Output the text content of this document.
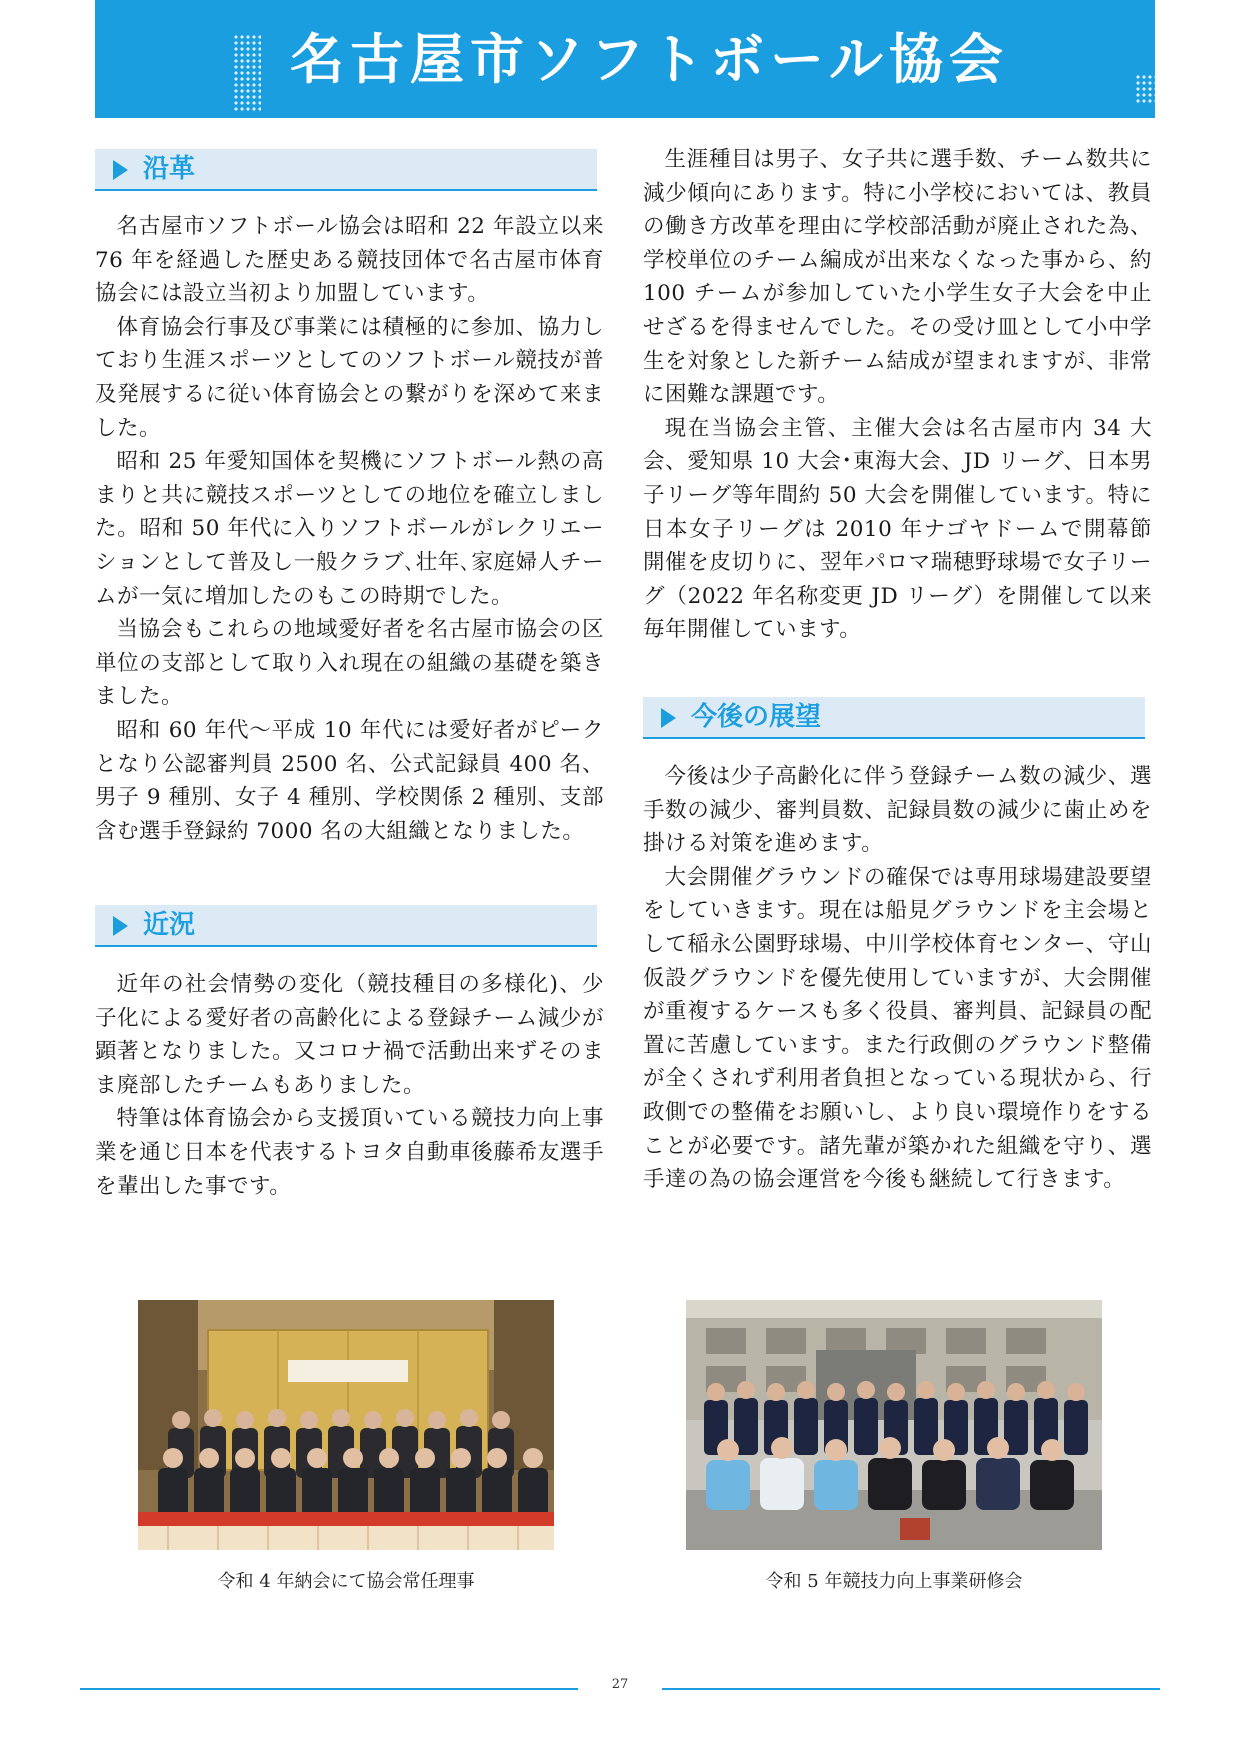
名古屋市ソフトボール協会
沿革

名古屋市ソフトボール協会は昭和 22 年設立以来 76 年を経過した歴史ある競技団体で名古屋市体育協会には設立当初より加盟しています。

体育協会行事及び事業には積極的に参加、協力しており生涯スポーツとしてのソフトボール競技が普及発展するに従い体育協会との繋がりを深めて来ました。

昭和 25 年愛知国体を契機にソフトボール熱の高まりと共に競技スポーツとしての地位を確立しました。昭和 50 年代に入りソフトボールがレクリエーションとして普及し一般クラブ､壮年､家庭婦人チームが一気に増加したのもこの時期でした。

当協会もこれらの地域愛好者を名古屋市協会の区単位の支部として取り入れ現在の組織の基礎を築きました。

昭和 60 年代〜平成 10 年代には愛好者がピークとなり公認審判員 2500 名、公式記録員 400 名、男子 9 種別、女子 4 種別、学校関係 2 種別、支部含む選手登録約 7000 名の大組織となりました。

近況

近年の社会情勢の変化（競技種目の多様化)、少子化による愛好者の高齢化による登録チーム減少が顕著となりました。又コロナ禍で活動出来ずそのまま廃部したチームもありました。

特筆は体育協会から支援頂いている競技力向上事業を通じ日本を代表するトヨタ自動車後藤希友選手を輩出した事です。

生涯種目は男子、女子共に選手数、チーム数共に減少傾向にあります。特に小学校においては、教員の働き方改革を理由に学校部活動が廃止された為、学校単位のチーム編成が出来なくなった事から、約 100 チームが参加していた小学生女子大会を中止せざるを得ませんでした。その受け皿として小中学生を対象とした新チーム結成が望まれますが、非常に困難な課題です。

現在当協会主管、主催大会は名古屋市内 34 大会、愛知県 10 大会･東海大会、JD リーグ、日本男子リーグ等年間約 50 大会を開催しています。特に日本女子リーグは 2010 年ナゴヤドームで開幕節開催を皮切りに、翌年パロマ瑞穂野球場で女子リーグ（2022 年名称変更 JD リーグ）を開催して以来毎年開催しています。

今後の展望

今後は少子高齢化に伴う登録チーム数の減少、選手数の減少、審判員数、記録員数の減少に歯止めを掛ける対策を進めます。

大会開催グラウンドの確保では専用球場建設要望をしていきます。現在は船見グラウンドを主会場として稲永公園野球場、中川学校体育センター、守山仮設グラウンドを優先使用していますが、大会開催が重複するケースも多く役員、審判員、記録員の配置に苦慮しています。また行政側のグラウンド整備が全くされず利用者負担となっている現状から、行政側での整備をお願いし、より良い環境作りをすることが必要です。諸先輩が築かれた組織を守り、選手達の為の協会運営を今後も継続して行きます。

令和 4 年納会にて協会常任理事	令和 5 年競技力向上事業研修会

27
